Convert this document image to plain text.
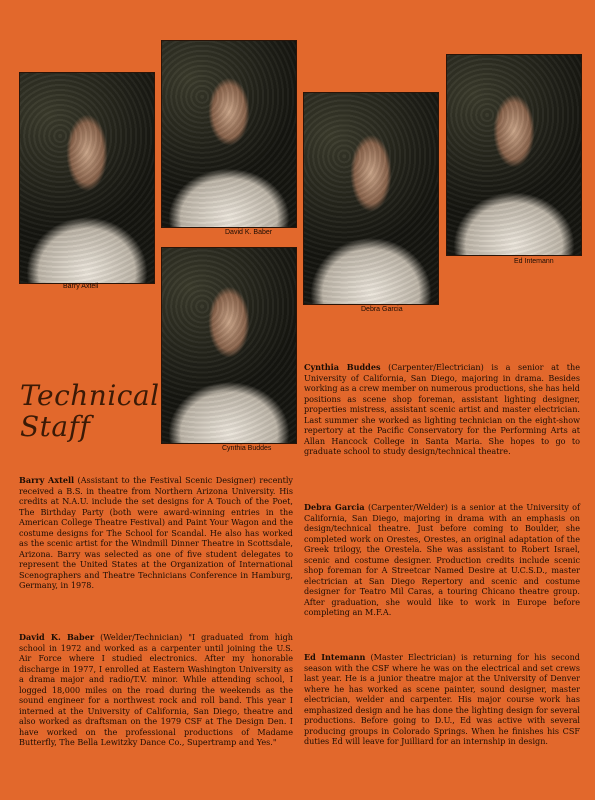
Barry Axtell
David K. Baber
Cynthia Buddes
Debra Garcia
Ed Intemann
Technical
Staff

Barry Axtell (Assistant to the Festival Scenic Designer) recently received a B.S. in theatre from Northern Arizona University. His credits at N.A.U. include the set designs for A Touch of the Poet, The Birthday Party (both were award-winning entries in the American College Theatre Festival) and Paint Your Wagon and the costume designs for The School for Scandal. He also has worked as the scenic artist for the Windmill Dinner Theatre in Scottsdale, Arizona. Barry was selected as one of five student delegates to represent the United States at the Organization of International Scenographers and Theatre Technicians Conference in Hamburg, Germany, in 1978.

David K. Baber (Welder/Technician) "I graduated from high school in 1972 and worked as a carpenter until joining the U.S. Air Force where I studied electronics. After my honorable discharge in 1977, I enrolled at Eastern Washington University as a drama major and radio/T.V. minor. While attending school, I logged 18,000 miles on the road during the weekends as the sound engineer for a northwest rock and roll band. This year I interned at the University of California, San Diego, theatre and also worked as draftsman on the 1979 CSF at The Design Den. I have worked on the professional productions of Madame Butterfly, The Bella Lewitzky Dance Co., Supertramp and Yes."

Cynthia Buddes (Carpenter/Electrician) is a senior at the University of California, San Diego, majoring in drama. Besides working as a crew member on numerous productions, she has held positions as scene shop foreman, assistant lighting designer, properties mistress, assistant scenic artist and master electrician. Last summer she worked as lighting technician on the eight-show repertory at the Pacific Conservatory for the Performing Arts at Allan Hancock College in Santa Maria. She hopes to go to graduate school to study design/technical theatre.

Debra Garcia (Carpenter/Welder) is a senior at the University of California, San Diego, majoring in drama with an emphasis on design/technical theatre. Just before coming to Boulder, she completed work on Orestes, Orestes, an original adaptation of the Greek trilogy, the Orestela. She was assistant to Robert Israel, scenic and costume designer. Production credits include scenic shop foreman for A Streetcar Named Desire at U.C.S.D., master electrician at San Diego Repertory and scenic and costume designer for Teatro Mil Caras, a touring Chicano theatre group. After graduation, she would like to work in Europe before completing an M.F.A.

Ed Intemann (Master Electrician) is returning for his second season with the CSF where he was on the electrical and set crews last year. He is a junior theatre major at the University of Denver where he has worked as scene painter, sound designer, master electrician, welder and carpenter. His major course work has emphasized design and he has done the lighting design for several productions. Before going to D.U., Ed was active with several producing groups in Colorado Springs. When he finishes his CSF duties Ed will leave for Juilliard for an internship in design.
